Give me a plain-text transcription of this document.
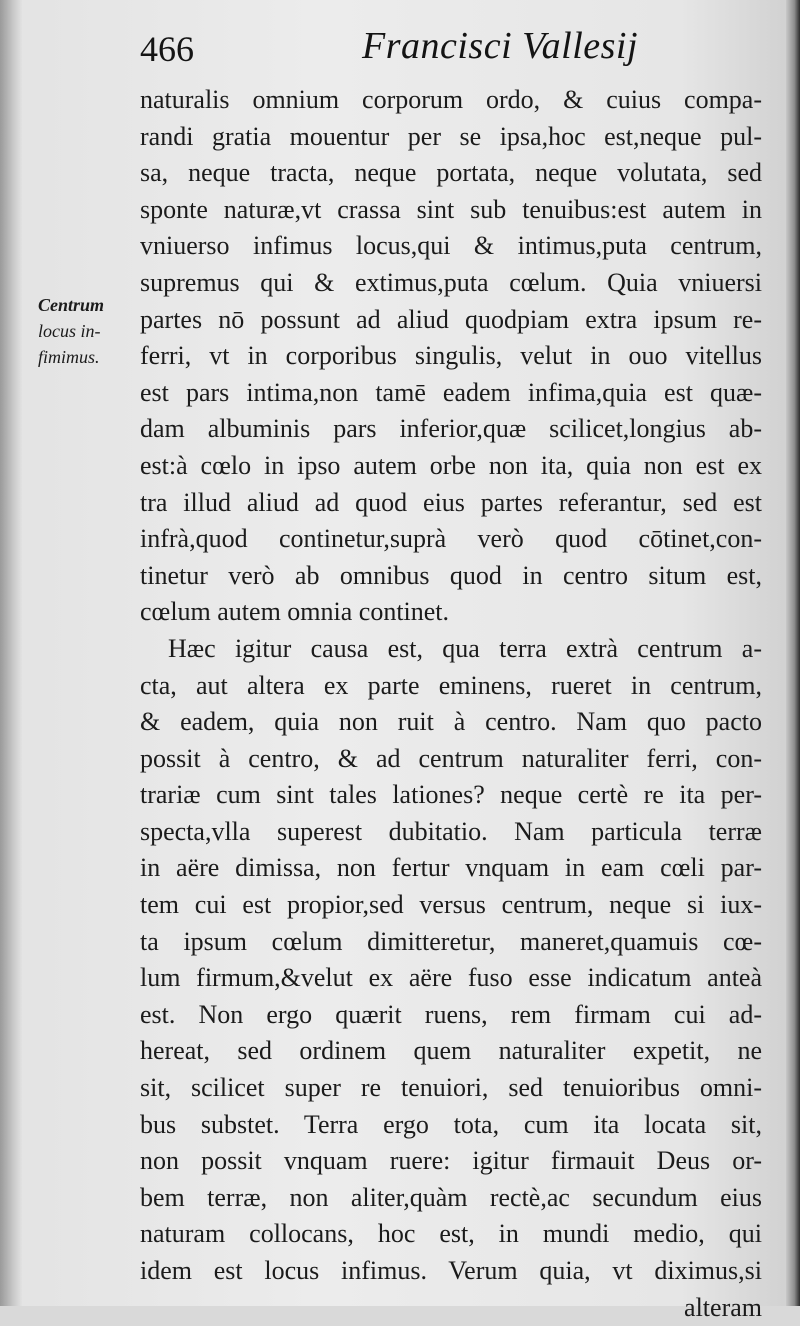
466	Francisci Vallesij
Centrum
locus in-
fimimus.
naturalis omnium corporum ordo, & cuius compa-
randi gratia mouentur per se ipsa,hoc est,neque pul-
sa, neque tracta, neque portata, neque volutata, sed
sponte naturæ,vt crassa sint sub tenuibus:est autem in
vniuerso infimus locus,qui & intimus,puta centrum,
supremus qui & extimus,puta cœlum. Quia vniuersi
partes nō possunt ad aliud quodpiam extra ipsum re-
ferri, vt in corporibus singulis, velut in ouo vitellus
est pars intima,non tamē eadem infima,quia est quæ-
dam albuminis pars inferior,quæ scilicet,longius ab-
est:à cœlo in ipso autem orbe non ita, quia non est ex
tra illud aliud ad quod eius partes referantur, sed est
infrà,quod continetur,suprà verò quod cōtinet,con-
tinetur verò ab omnibus quod in centro situm est,
cœlum autem omnia continet.
Hæc igitur causa est, qua terra extrà centrum a-
cta, aut altera ex parte eminens, rueret in centrum,
& eadem, quia non ruit à centro. Nam quo pacto
possit à centro, & ad centrum naturaliter ferri, con-
trariæ cum sint tales lationes? neque certè re ita per-
specta,vlla superest dubitatio. Nam particula terræ
in aëre dimissa, non fertur vnquam in eam cœli par-
tem cui est propior,sed versus centrum, neque si iux-
ta ipsum cœlum dimitteretur, maneret,quamuis cœ-
lum firmum,&velut ex aëre fuso esse indicatum anteà
est. Non ergo quærit ruens, rem firmam cui ad-
hereat, sed ordinem quem naturaliter expetit, ne
sit, scilicet super re tenuiori, sed tenuioribus omni-
bus substet. Terra ergo tota, cum ita locata sit,
non possit vnquam ruere: igitur firmauit Deus or-
bem terræ, non aliter,quàm rectè,ac secundum eius
naturam collocans, hoc est, in mundi medio, qui
idem est locus infimus. Verum quia, vt diximus,si
alteram
